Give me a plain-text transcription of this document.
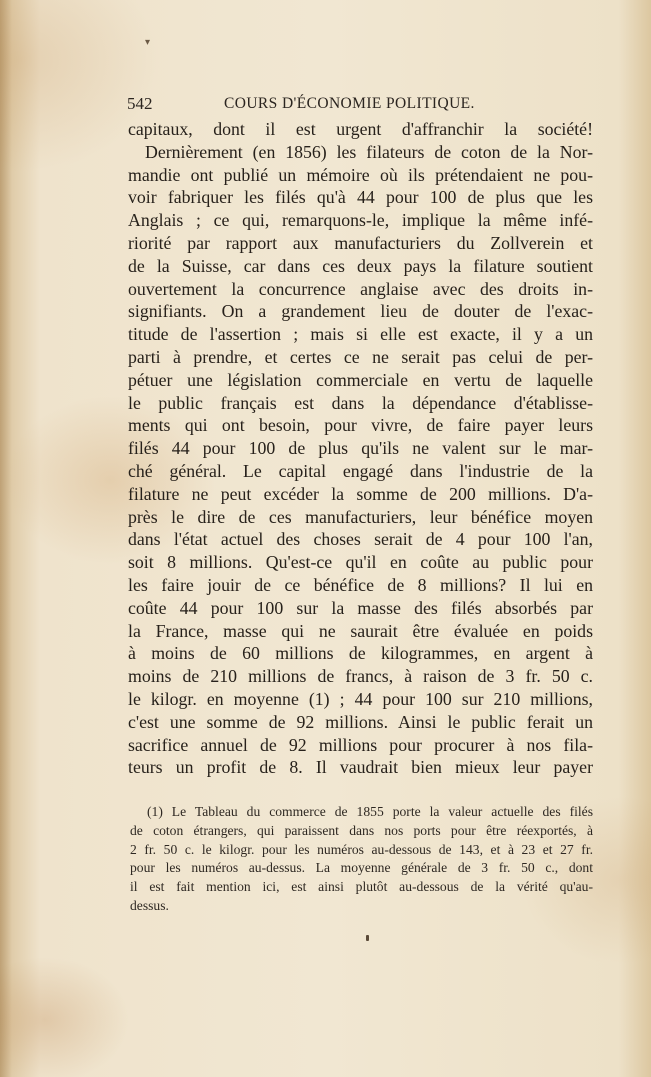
▾
542	COURS D'ÉCONOMIE POLITIQUE.
capitaux, dont il est urgent d'affranchir la société!
Dernièrement (en 1856) les filateurs de coton de la Nor-
mandie ont publié un mémoire où ils prétendaient ne pou-
voir fabriquer les filés qu'à 44 pour 100 de plus que les
Anglais ; ce qui, remarquons-le, implique la même infé-
riorité par rapport aux manufacturiers du Zollverein et
de la Suisse, car dans ces deux pays la filature soutient
ouvertement la concurrence anglaise avec des droits in-
signifiants. On a grandement lieu de douter de l'exac-
titude de l'assertion ; mais si elle est exacte, il y a un
parti à prendre, et certes ce ne serait pas celui de per-
pétuer une législation commerciale en vertu de laquelle
le public français est dans la dépendance d'établisse-
ments qui ont besoin, pour vivre, de faire payer leurs
filés 44 pour 100 de plus qu'ils ne valent sur le mar-
ché général. Le capital engagé dans l'industrie de la
filature ne peut excéder la somme de 200 millions. D'a-
près le dire de ces manufacturiers, leur bénéfice moyen
dans l'état actuel des choses serait de 4 pour 100 l'an,
soit 8 millions. Qu'est-ce qu'il en coûte au public pour
les faire jouir de ce bénéfice de 8 millions? Il lui en
coûte 44 pour 100 sur la masse des filés absorbés par
la France, masse qui ne saurait être évaluée en poids
à moins de 60 millions de kilogrammes, en argent à
moins de 210 millions de francs, à raison de 3 fr. 50 c.
le kilogr. en moyenne (1) ; 44 pour 100 sur 210 millions,
c'est une somme de 92 millions. Ainsi le public ferait un
sacrifice annuel de 92 millions pour procurer à nos fila-
teurs un profit de 8. Il vaudrait bien mieux leur payer
(1) Le Tableau du commerce de 1855 porte la valeur actuelle des filés
de coton étrangers, qui paraissent dans nos ports pour être réexportés, à
2 fr. 50 c. le kilogr. pour les numéros au-dessous de 143, et à 23 et 27 fr.
pour les numéros au-dessus. La moyenne générale de 3 fr. 50 c., dont
il est fait mention ici, est ainsi plutôt au-dessous de la vérité qu'au-
dessus.
